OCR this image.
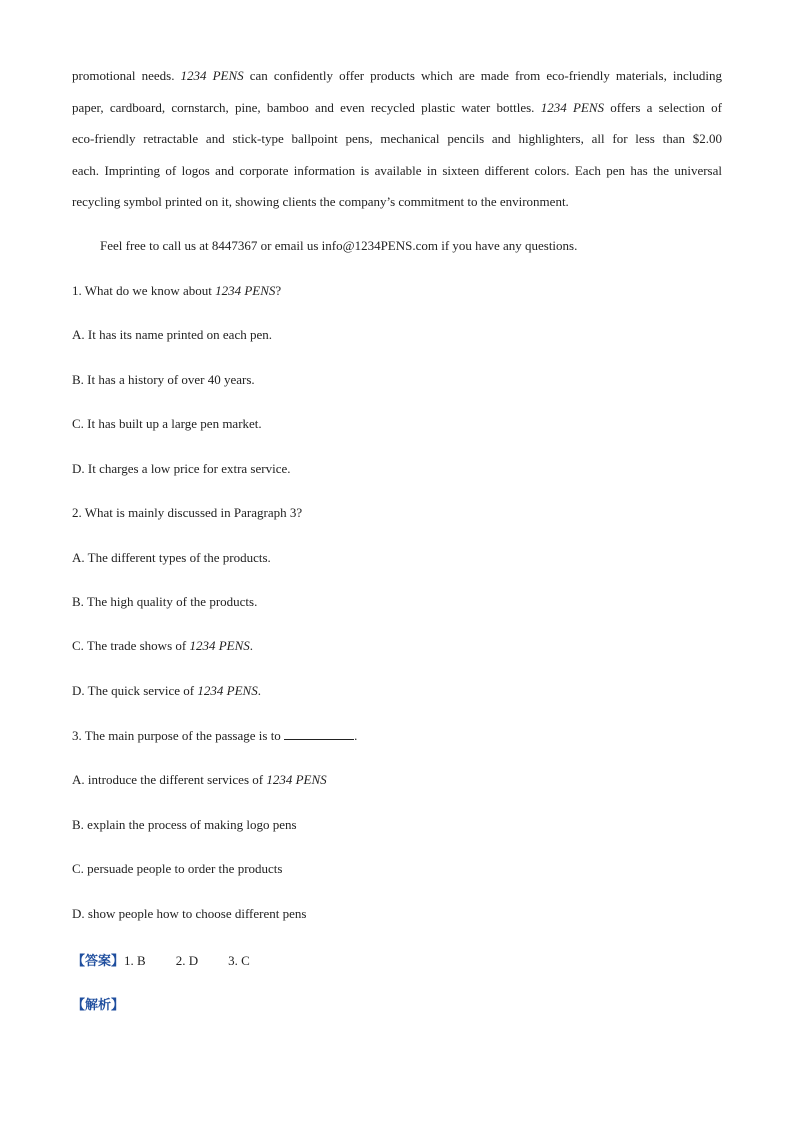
promotional needs. 1234 PENS can confidently offer products which are made from eco-friendly materials, including
paper, cardboard, cornstarch, pine, bamboo and even recycled plastic water bottles. 1234 PENS offers a selection of
eco-friendly retractable and stick-type ballpoint pens, mechanical pencils and highlighters, all for less than $2.00
each. Imprinting of logos and corporate information is available in sixteen different colors. Each pen has the universal
recycling symbol printed on it, showing clients the company’s commitment to the environment.
Feel free to call us at 8447367 or email us info@1234PENS.com if you have any questions.
1. What do we know about 1234 PENS?
A. It has its name printed on each pen.
B. It has a history of over 40 years.
C. It has built up a large pen market.
D. It charges a low price for extra service.
2. What is mainly discussed in Paragraph 3?
A. The different types of the products.
B. The high quality of the products.
C. The trade shows of 1234 PENS.
D. The quick service of 1234 PENS.
3. The main purpose of the passage is to	.
A. introduce the different services of 1234 PENS
B. explain the process of making logo pens
C. persuade people to order the products
D. show people how to choose different pens
【答案】1. B 2. D 3. C
【解析】
